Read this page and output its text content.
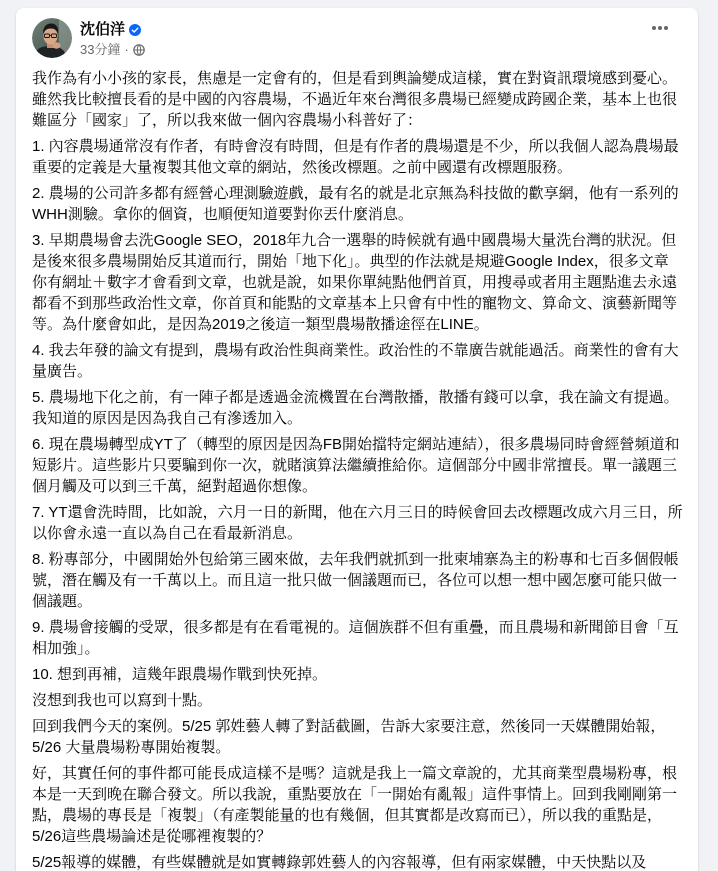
沈伯洋
33分鐘 ·

我作為有小小孩的家長，焦慮是一定會有的，但是看到輿論變成這樣，實在對資訊環境感到憂心。
雖然我比較擅長看的是中國的內容農場，不過近年來台灣很多農場已經變成跨國企業，基本上也很
難區分「國家」了，所以我來做一個內容農場小科普好了：

1. 內容農場通常沒有作者，有時會沒有時間，但是有作者的農場還是不少，所以我個人認為農場最
重要的定義是大量複製其他文章的網站，然後改標題。之前中國還有改標題服務。

2. 農場的公司許多都有經營心理測驗遊戲，最有名的就是北京無為科技做的歡享網，他有一系列的
WHH測驗。拿你的個資，也順便知道要對你丟什麼消息。

3. 早期農場會去洗Google SEO，2018年九合一選舉的時候就有過中國農場大量洗台灣的狀況。但
是後來很多農場開始反其道而行，開始「地下化」。典型的作法就是規避Google Index，很多文章
你有網址＋數字才會看到文章，也就是說，如果你單純點他們首頁，用搜尋或者用主題點進去永遠
都看不到那些政治性文章，你首頁和能點的文章基本上只會有中性的寵物文、算命文、演藝新聞等
等。為什麼會如此，是因為2019之後這一類型農場散播途徑在LINE。

4. 我去年發的論文有提到，農場有政治性與商業性。政治性的不靠廣告就能過活。商業性的會有大
量廣告。

5. 農場地下化之前，有一陣子都是透過金流機置在台灣散播，散播有錢可以拿，我在論文有提過。
我知道的原因是因為我自己有滲透加入。

6. 現在農場轉型成YT了（轉型的原因是因為FB開始擋特定網站連結），很多農場同時會經營頻道和
短影片。這些影片只要騙到你一次，就賭演算法繼續推給你。這個部分中國非常擅長。單一議題三
個月觸及可以到三千萬，絕對超過你想像。

7. YT還會洗時間，比如說，六月一日的新聞，他在六月三日的時候會回去改標題改成六月三日，所
以你會永遠一直以為自己在看最新消息。

8. 粉專部分，中國開始外包給第三國來做，去年我們就抓到一批柬埔寨為主的粉專和七百多個假帳
號，潛在觸及有一千萬以上。而且這一批只做一個議題而已，各位可以想一想中國怎麼可能只做一
個議題。

9. 農場會接觸的受眾，很多都是有在看電視的。這個族群不但有重疊，而且農場和新聞節目會「互
相加強」。

10. 想到再補，這幾年跟農場作戰到快死掉。

沒想到我也可以寫到十點。

回到我們今天的案例。5/25 郭姓藝人轉了對話截圖，告訴大家要注意，然後同一天媒體開始報，
5/26 大量農場粉專開始複製。

好，其實任何的事件都可能長成這樣不是嗎？這就是我上一篇文章說的，尤其商業型農場粉專，根
本是一天到晚在聯合發文。所以我說，重點要放在「一開始有亂報」這件事情上。回到我剛剛第一
點，農場的專長是「複製」（有產製能量的也有幾個，但其實都是改寫而已），所以我的重點是，
5/26這些農場論述是從哪裡複製的？

5/25報導的媒體，有些媒體就是如實轉錄郭姓藝人的內容報導，但有兩家媒體，中天快點以及
